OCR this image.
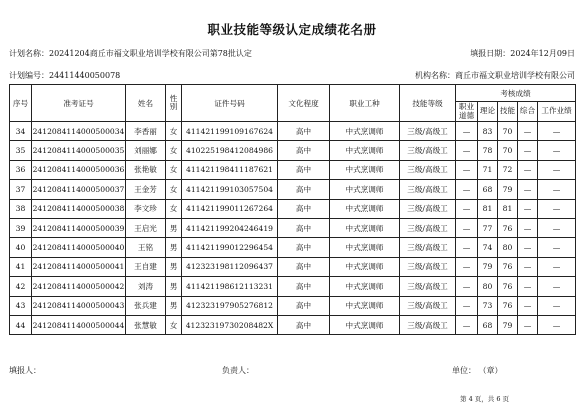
职业技能等级认定成绩花名册
计划名称：20241204商丘市福文职业培训学校有限公司第78批认定	填报日期：2024年12月09日
计划编号：24411440050078	机构名称：商丘市福文职业培训学校有限公司
序号	准考证号	姓名	性别	证件号码	文化程度	职业工种	技能等级	考核成绩				
								职业道德	理论	技能	综合	工作业绩
34	2412084114000500034	李香丽	女	411421199109167624	高中	中式烹调师	三级/高级工	—	83	70	—	—
35	2412084114000500035	刘丽娜	女	410225198412084986	高中	中式烹调师	三级/高级工	—	78	70	—	—
36	2412084114000500036	张艳敏	女	411421198411187621	高中	中式烹调师	三级/高级工	—	71	72	—	—
37	2412084114000500037	王金芳	女	411421199103057504	高中	中式烹调师	三级/高级工	—	68	79	—	—
38	2412084114000500038	李文珍	女	411421199011267264	高中	中式烹调师	三级/高级工	—	81	81	—	—
39	2412084114000500039	王启光	男	411421199204246419	高中	中式烹调师	三级/高级工	—	77	76	—	—
40	2412084114000500040	王铭	男	411421199012296454	高中	中式烹调师	三级/高级工	—	74	80	—	—
41	2412084114000500041	王自建	男	412323198112096437	高中	中式烹调师	三级/高级工	—	79	76	—	—
42	2412084114000500042	刘涛	男	411421198612113231	高中	中式烹调师	三级/高级工	—	80	76	—	—
43	2412084114000500043	张兵建	男	412323197905276812	高中	中式烹调师	三级/高级工	—	73	76	—	—
44	2412084114000500044	张慧敏	女	41232319730208482X	高中	中式烹调师	三级/高级工	—	68	79	—	—
填报人：	负责人：	单位： （章）
第 4 页，共 6 页
